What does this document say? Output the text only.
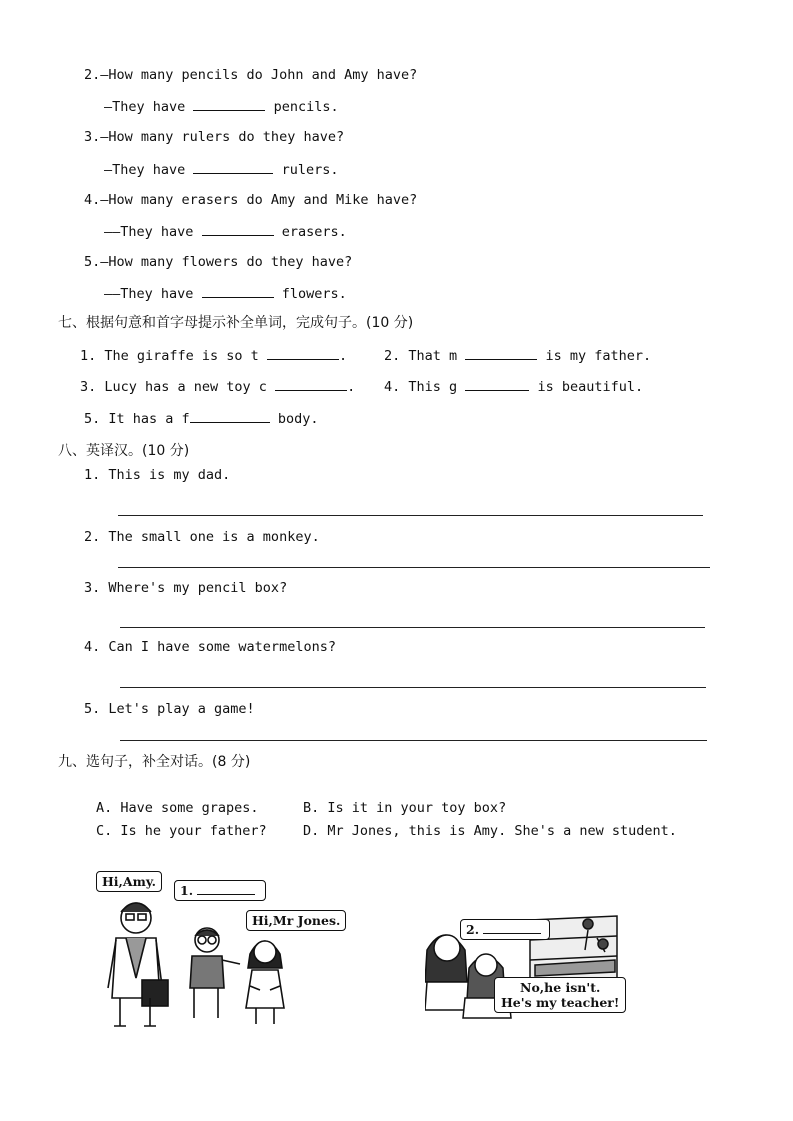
2.—How many pencils do John and Amy have?
—They have	pencils.
3.—How many rulers do they have?
—They have	rulers.
4.—How many erasers do Amy and Mike have?
——They have	erasers.
5.—How many flowers do they have?
——They have	flowers.
七、根据句意和首字母提示补全单词，完成句子。(10 分)
1. The giraffe is so t	.	2. That m	is my father.
3. Lucy has a new toy c	. 4. This g	is beautiful.
5. It has a f	body.
八、英译汉。(10 分)
1. This is my dad.
2. The small one is a monkey.
3. Where's my pencil box?
4. Can I have some watermelons?
5. Let's play a game!
九、选句子，补全对话。(8 分)
A. Have some grapes.	B. Is it in your toy box?
C. Is he your father?	D. Mr Jones, this is Amy. She's a new student.
Hi,Amy.
1.
Hi,Mr Jones.
2.
No,he isn't.
He's my teacher!
